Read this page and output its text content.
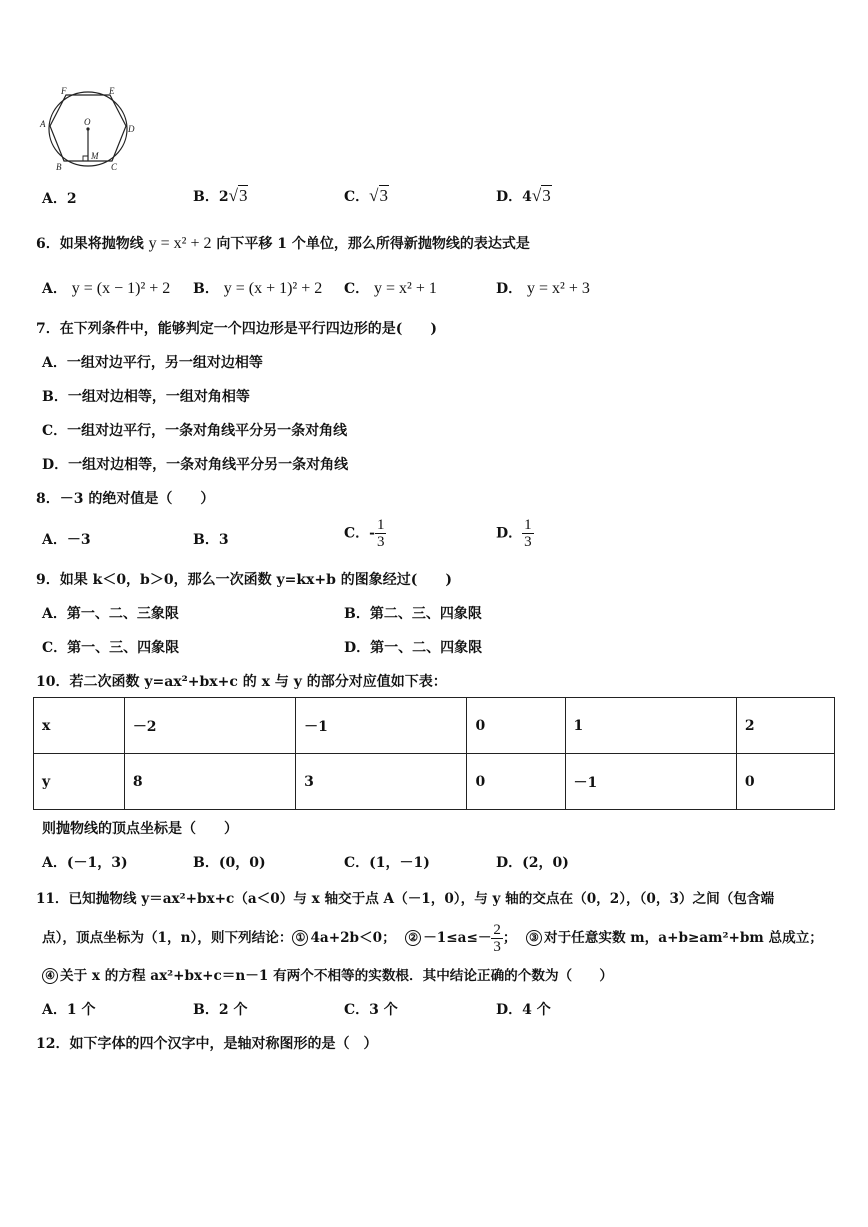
F	E
A	D
O
B
M
C
A．2	B．2√3	C．√3	D．4√3
6．如果将抛物线 y = x² + 2 向下平移 1 个单位，那么所得新抛物线的表达式是
A． y = (x − 1)² + 2 B． y = (x + 1)² + 2 C． y = x² + 1	D． y = x² + 3
7．在下列条件中，能够判定一个四边形是平行四边形的是(　　)
A．一组对边平行，另一组对边相等
B．一组对边相等，一组对角相等
C．一组对边平行，一条对角线平分另一条对角线
D．一组对边相等，一条对角线平分另一条对角线
8．－3 的绝对值是（　　）
A．－3	B．3	C．- $\frac{1}{3}$	D． $\frac{1}{3}$
9．如果 k＜0，b＞0，那么一次函数 y=kx+b 的图象经过(　　)
A．第一、二、三象限	B．第二、三、四象限
C．第一、三、四象限	D．第一、二、四象限
10．若二次函数 y=ax²+bx+c 的 x 与 y 的部分对应值如下表：
x	－2	－1	0	1	2
y	8	3	0	－1	0
则抛物线的顶点坐标是（　　）
A．(－1，3)	B．(0，0)	C．(1，－1)	D．(2，0)
11．已知抛物线 y＝ax²+bx+c（a＜0）与 x 轴交于点 A（－1，0），与 y 轴的交点在（0，2），（0，3）之间（包含端
点），顶点坐标为（1，n），则下列结论： ① 4a+2b＜0； ② $-1\le a\le- \frac{2}{3}$ ； ③ 对于任意实数 m，a+b≥am²+bm 总成立；
④ 关于 x 的方程 ax²+bx+c＝n－1 有两个不相等的实数根．其中结论正确的个数为（　　）
A．1 个	B．2 个	C．3 个	D．4 个
12．如下字体的四个汉字中，是轴对称图形的是（　）
